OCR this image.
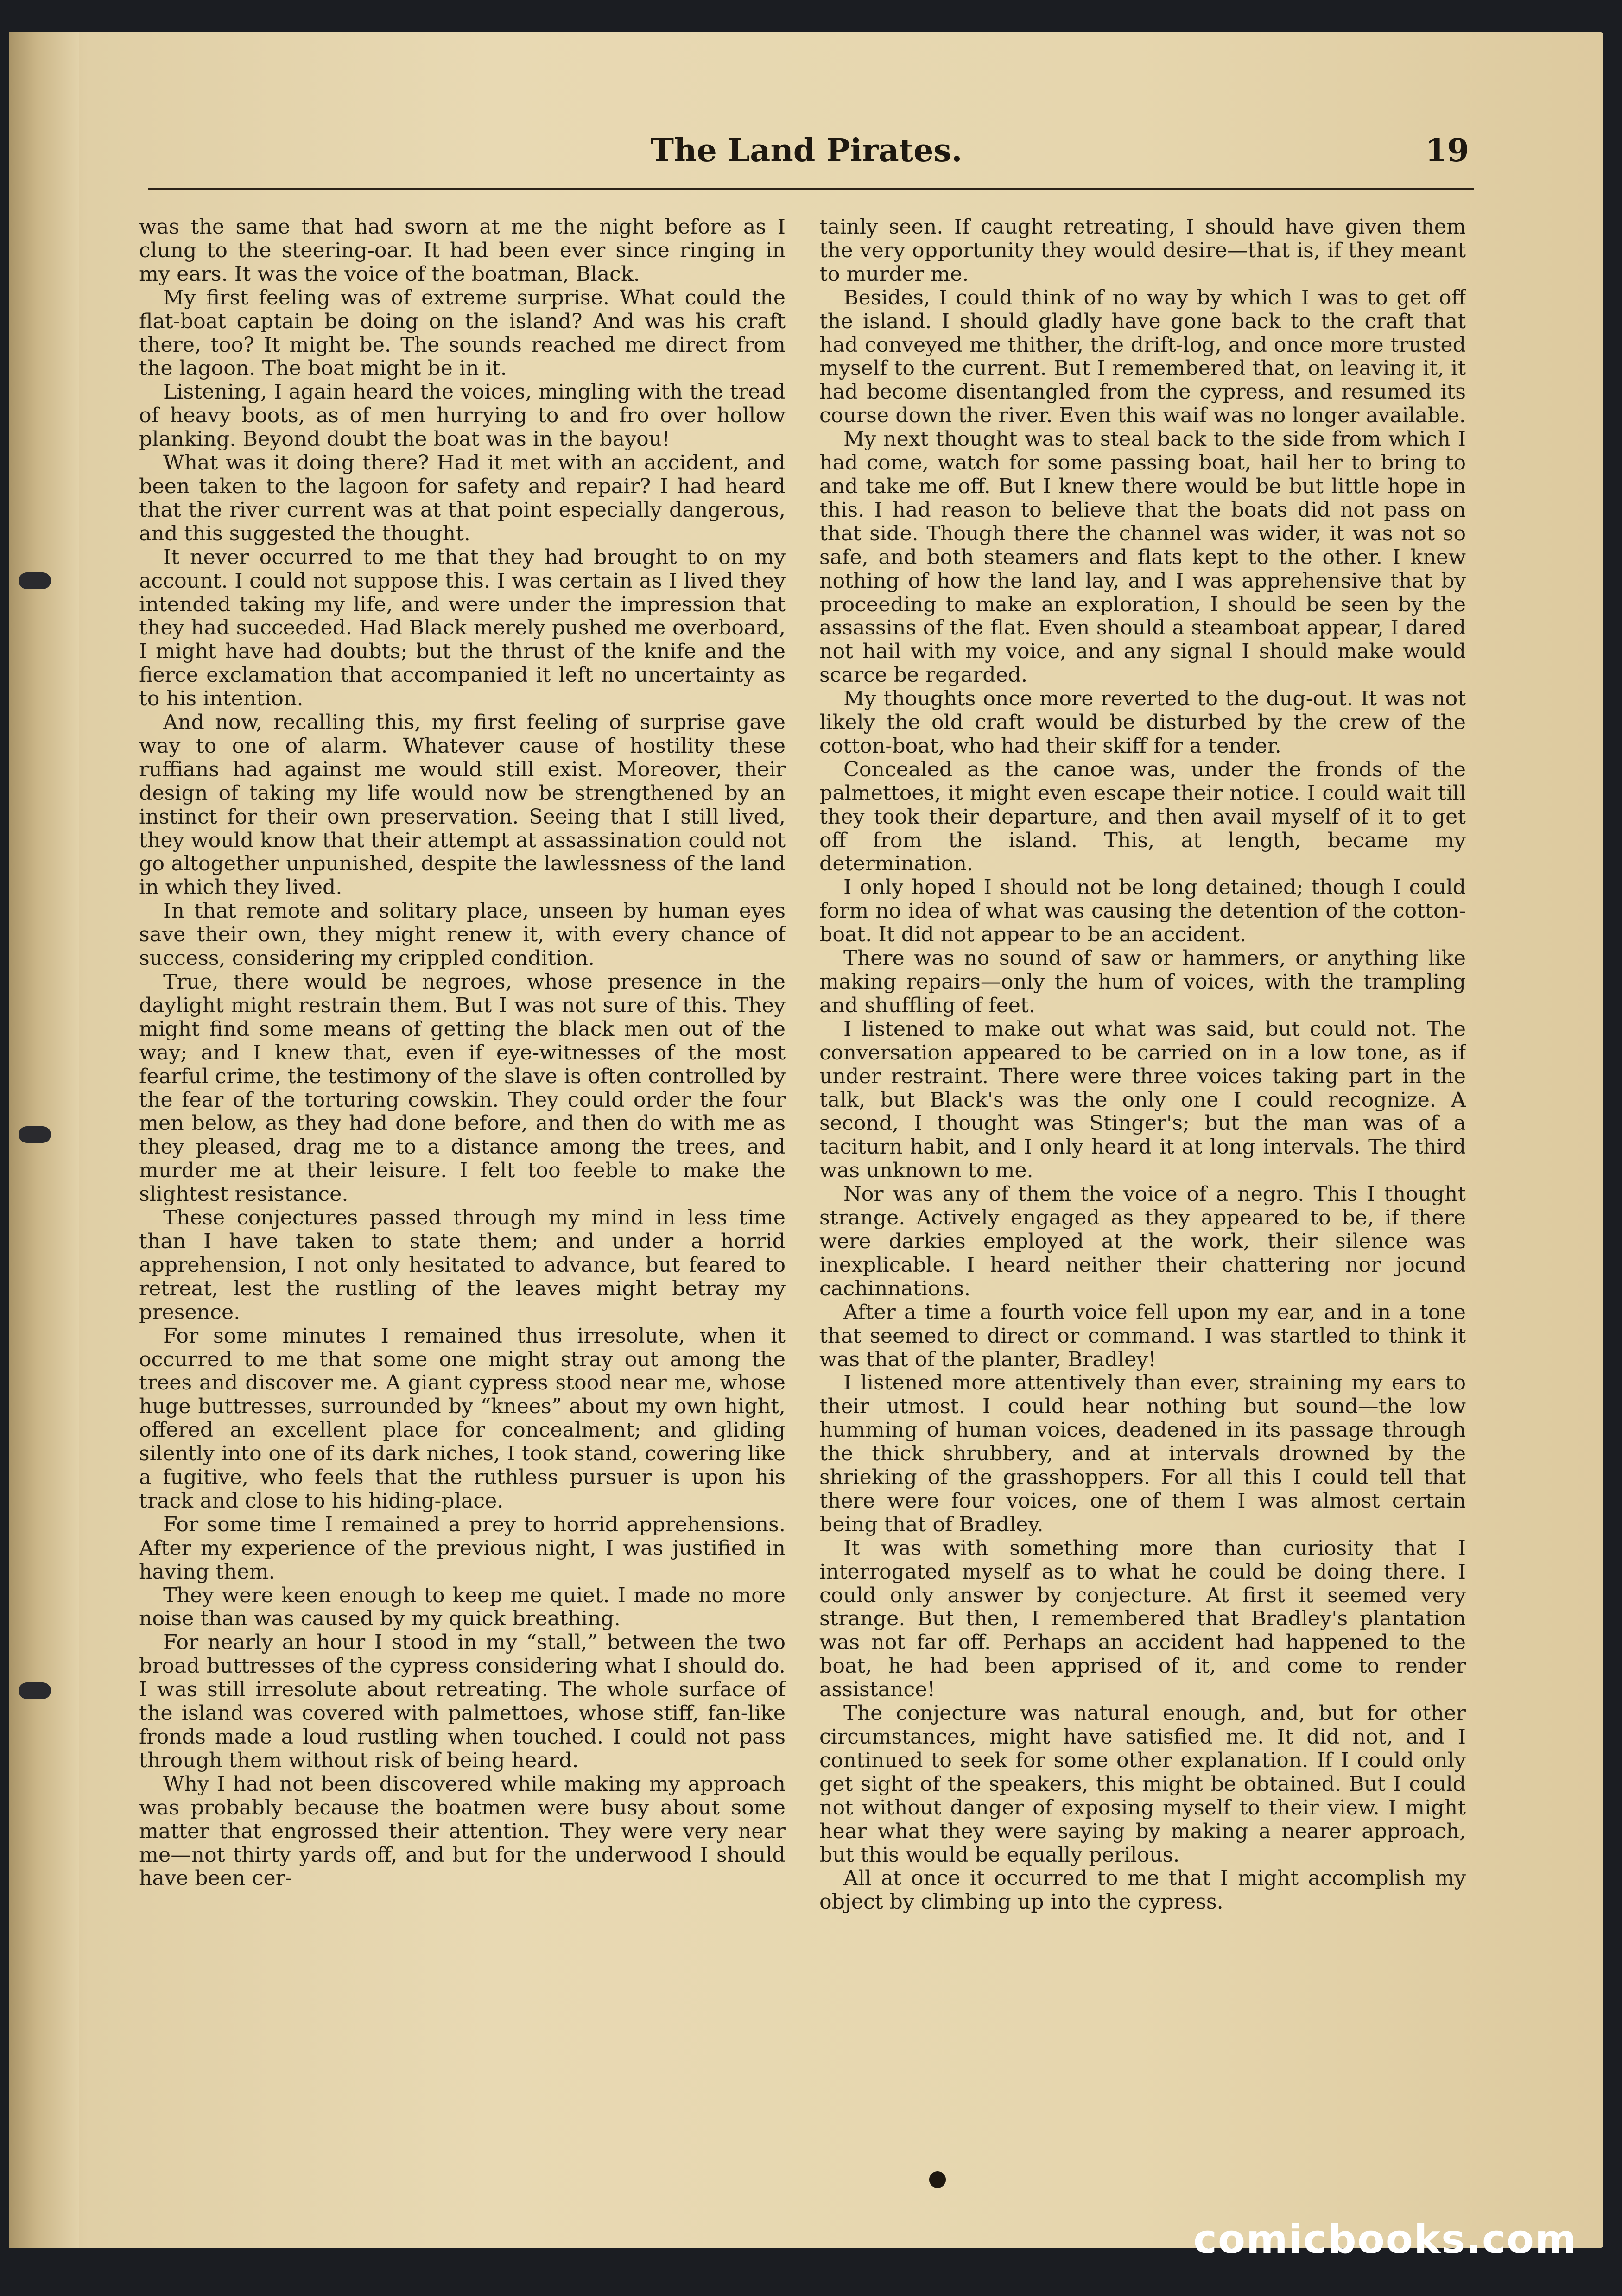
The Land Pirates.	19

was the same that had sworn at me the night before as I clung to the steering-oar. It had been ever since ringing in my ears. It was the voice of the boatman, Black.

My first feeling was of extreme surprise. What could the flat-boat captain be doing on the island? And was his craft there, too? It might be. The sounds reached me direct from the lagoon. The boat might be in it.

Listening, I again heard the voices, mingling with the tread of heavy boots, as of men hurrying to and fro over hollow planking. Beyond doubt the boat was in the bayou!

What was it doing there? Had it met with an accident, and been taken to the lagoon for safety and repair? I had heard that the river current was at that point especially dangerous, and this suggested the thought.

It never occurred to me that they had brought to on my account. I could not suppose this. I was certain as I lived they intended taking my life, and were under the impression that they had succeeded. Had Black merely pushed me overboard, I might have had doubts; but the thrust of the knife and the fierce exclamation that accompanied it left no uncertainty as to his intention.

And now, recalling this, my first feeling of surprise gave way to one of alarm. Whatever cause of hostility these ruffians had against me would still exist. Moreover, their design of taking my life would now be strengthened by an instinct for their own preservation. Seeing that I still lived, they would know that their attempt at assassination could not go altogether unpunished, despite the lawlessness of the land in which they lived.

In that remote and solitary place, unseen by human eyes save their own, they might renew it, with every chance of success, considering my crippled condition.

True, there would be negroes, whose presence in the daylight might restrain them. But I was not sure of this. They might find some means of getting the black men out of the way; and I knew that, even if eye-witnesses of the most fearful crime, the testimony of the slave is often controlled by the fear of the torturing cowskin. They could order the four men below, as they had done before, and then do with me as they pleased, drag me to a distance among the trees, and murder me at their leisure. I felt too feeble to make the slightest resistance.

These conjectures passed through my mind in less time than I have taken to state them; and under a horrid apprehension, I not only hesitated to advance, but feared to retreat, lest the rustling of the leaves might betray my presence.

For some minutes I remained thus irresolute, when it occurred to me that some one might stray out among the trees and discover me. A giant cypress stood near me, whose huge buttresses, surrounded by “knees” about my own hight, offered an excellent place for concealment; and gliding silently into one of its dark niches, I took stand, cowering like a fugitive, who feels that the ruthless pursuer is upon his track and close to his hiding-place.

For some time I remained a prey to horrid apprehensions. After my experience of the previous night, I was justified in having them.

They were keen enough to keep me quiet. I made no more noise than was caused by my quick breathing.

For nearly an hour I stood in my “stall,” between the two broad buttresses of the cypress considering what I should do. I was still irresolute about retreating. The whole surface of the island was covered with palmettoes, whose stiff, fan-like fronds made a loud rustling when touched. I could not pass through them without risk of being heard.

Why I had not been discovered while making my approach was probably because the boatmen were busy about some matter that engrossed their attention. They were very near me—not thirty yards off, and but for the underwood I should have been cer-

tainly seen. If caught retreating, I should have given them the very opportunity they would desire—that is, if they meant to murder me.

Besides, I could think of no way by which I was to get off the island. I should gladly have gone back to the craft that had conveyed me thither, the drift-log, and once more trusted myself to the current. But I remembered that, on leaving it, it had become disentangled from the cypress, and resumed its course down the river. Even this waif was no longer available.

My next thought was to steal back to the side from which I had come, watch for some passing boat, hail her to bring to and take me off. But I knew there would be but little hope in this. I had reason to believe that the boats did not pass on that side. Though there the channel was wider, it was not so safe, and both steamers and flats kept to the other. I knew nothing of how the land lay, and I was apprehensive that by proceeding to make an exploration, I should be seen by the assassins of the flat. Even should a steamboat appear, I dared not hail with my voice, and any signal I should make would scarce be regarded.

My thoughts once more reverted to the dug-out. It was not likely the old craft would be disturbed by the crew of the cotton-boat, who had their skiff for a tender.

Concealed as the canoe was, under the fronds of the palmettoes, it might even escape their notice. I could wait till they took their departure, and then avail myself of it to get off from the island. This, at length, became my determination.

I only hoped I should not be long detained; though I could form no idea of what was causing the detention of the cotton-boat. It did not appear to be an accident.

There was no sound of saw or hammers, or anything like making repairs—only the hum of voices, with the trampling and shuffling of feet.

I listened to make out what was said, but could not. The conversation appeared to be carried on in a low tone, as if under restraint. There were three voices taking part in the talk, but Black's was the only one I could recognize. A second, I thought was Stinger's; but the man was of a taciturn habit, and I only heard it at long intervals. The third was unknown to me.

Nor was any of them the voice of a negro. This I thought strange. Actively engaged as they appeared to be, if there were darkies employed at the work, their silence was inexplicable. I heard neither their chattering nor jocund cachinnations.

After a time a fourth voice fell upon my ear, and in a tone that seemed to direct or command. I was startled to think it was that of the planter, Bradley!

I listened more attentively than ever, straining my ears to their utmost. I could hear nothing but sound—the low humming of human voices, deadened in its passage through the thick shrubbery, and at intervals drowned by the shrieking of the grasshoppers. For all this I could tell that there were four voices, one of them I was almost certain being that of Bradley.

It was with something more than curiosity that I interrogated myself as to what he could be doing there. I could only answer by conjecture. At first it seemed very strange. But then, I remembered that Bradley's plantation was not far off. Perhaps an accident had happened to the boat, he had been apprised of it, and come to render assistance!

The conjecture was natural enough, and, but for other circumstances, might have satisfied me. It did not, and I continued to seek for some other explanation. If I could only get sight of the speakers, this might be obtained. But I could not without danger of exposing myself to their view. I might hear what they were saying by making a nearer approach, but this would be equally perilous.

All at once it occurred to me that I might accomplish my object by climbing up into the cypress.

comicbooks.com
